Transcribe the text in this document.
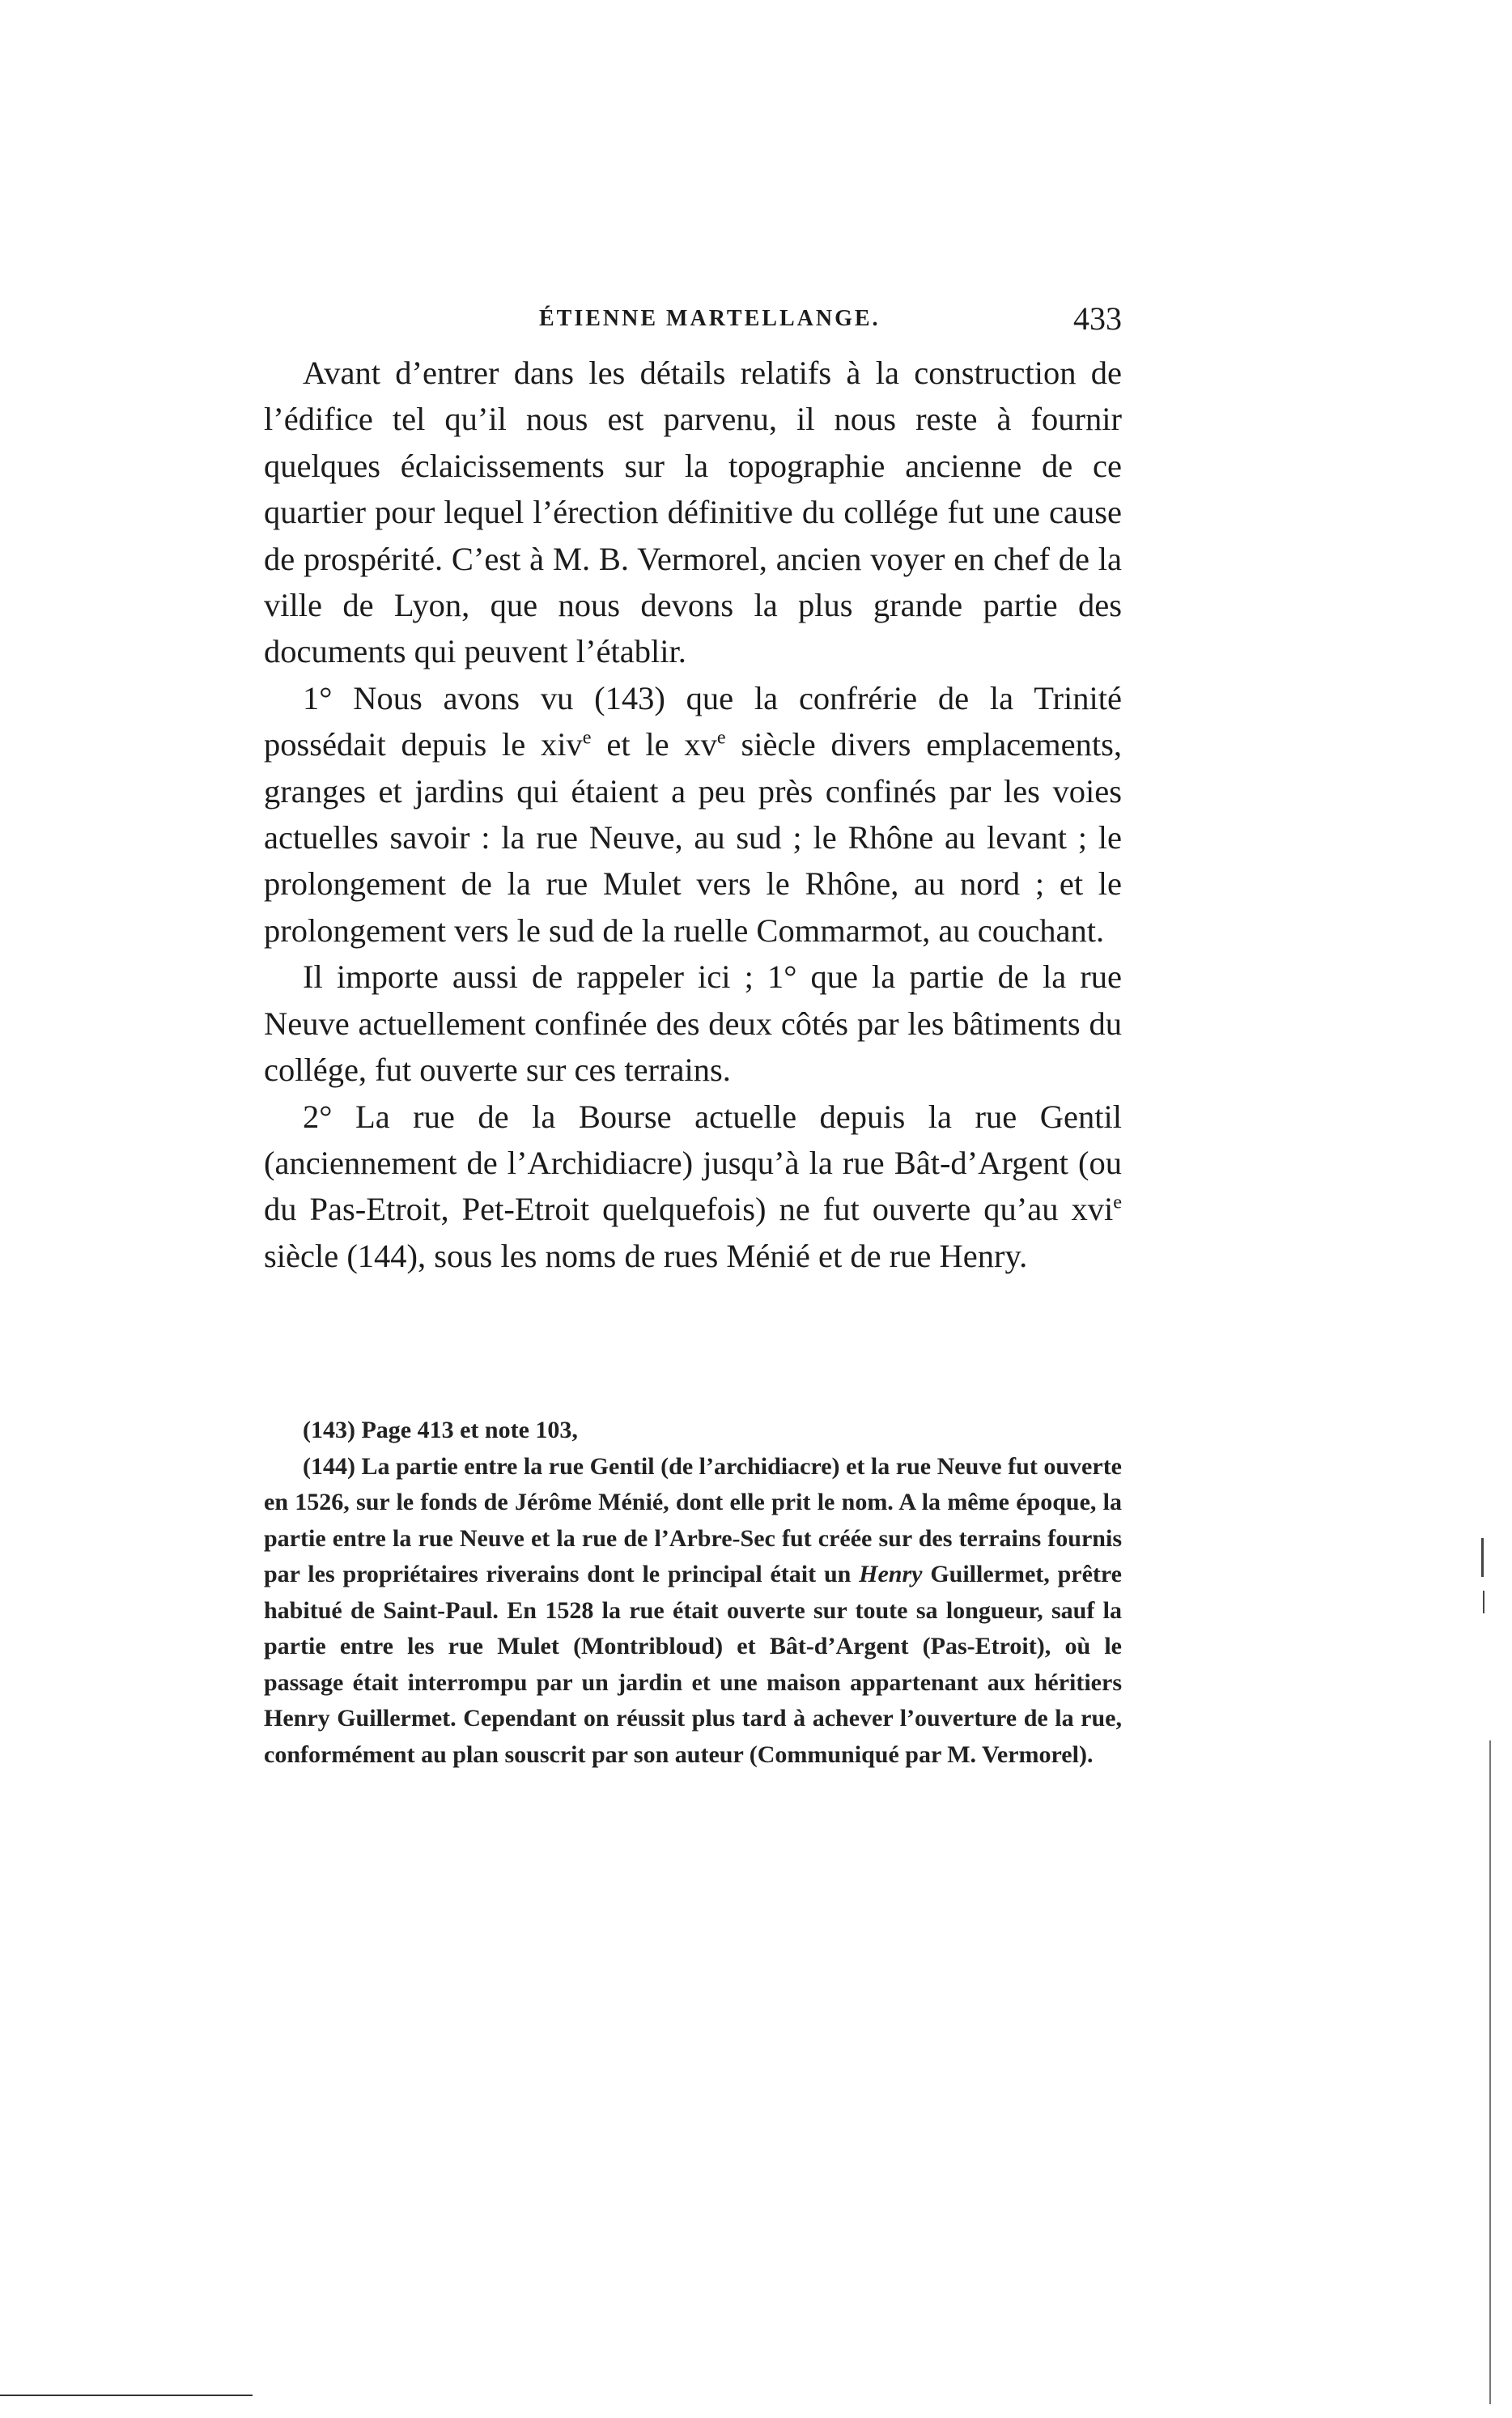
ÉTIENNE MARTELLANGE.	433

Avant d’entrer dans les détails relatifs à la construction de l’édifice tel qu’il nous est parvenu, il nous reste à fournir quelques éclaicissements sur la topographie ancienne de ce quartier pour lequel l’érection définitive du collége fut une cause de prospérité. C’est à M. B. Vermorel, ancien voyer en chef de la ville de Lyon, que nous devons la plus grande partie des documents qui peuvent l’établir.

1° Nous avons vu (143) que la confrérie de la Trinité possédait depuis le xiv$^e$ et le $xv^e$ siècle divers emplacements, granges et jardins qui étaient a peu près confinés par les voies actuelles savoir : la rue Neuve, au sud ; le Rhône au levant ; le prolongement de la rue Mulet vers le Rhône, au nord ; et le prolongement vers le sud de la ruelle Commarmot, au couchant.

Il importe aussi de rappeler ici ; 1° que la partie de la rue Neuve actuellement confinée des deux côtés par les bâtiments du collége, fut ouverte sur ces terrains.

2° La rue de la Bourse actuelle depuis la rue Gentil (anciennement de l’Archidiacre) jusqu’à la rue Bât-d’Argent (ou du Pas-Etroit, Pet-Etroit quelquefois) ne fut ouverte qu’au xvi$^e$ siècle (144), sous les noms de rues Ménié et de rue Henry.

(143) Page 413 et note 103,

(144) La partie entre la rue Gentil (de l’archidiacre) et la rue Neuve fut ouverte en 1526, sur le fonds de Jérôme Ménié, dont elle prit le nom. A la même époque, la partie entre la rue Neuve et la rue de l’Arbre-Sec fut créée sur des terrains fournis par les propriétaires riverains dont le principal était un Henry Guillermet, prêtre habitué de Saint-Paul. En 1528 la rue était ouverte sur toute sa longueur, sauf la partie entre les rue Mulet (Montribloud) et Bât-d’Argent (Pas-Etroit), où le passage était interrompu par un jardin et une maison appartenant aux héritiers Henry Guillermet. Cependant on réussit plus tard à achever l’ouverture de la rue, conformément au plan souscrit par son auteur (Communiqué par M. Vermorel).
